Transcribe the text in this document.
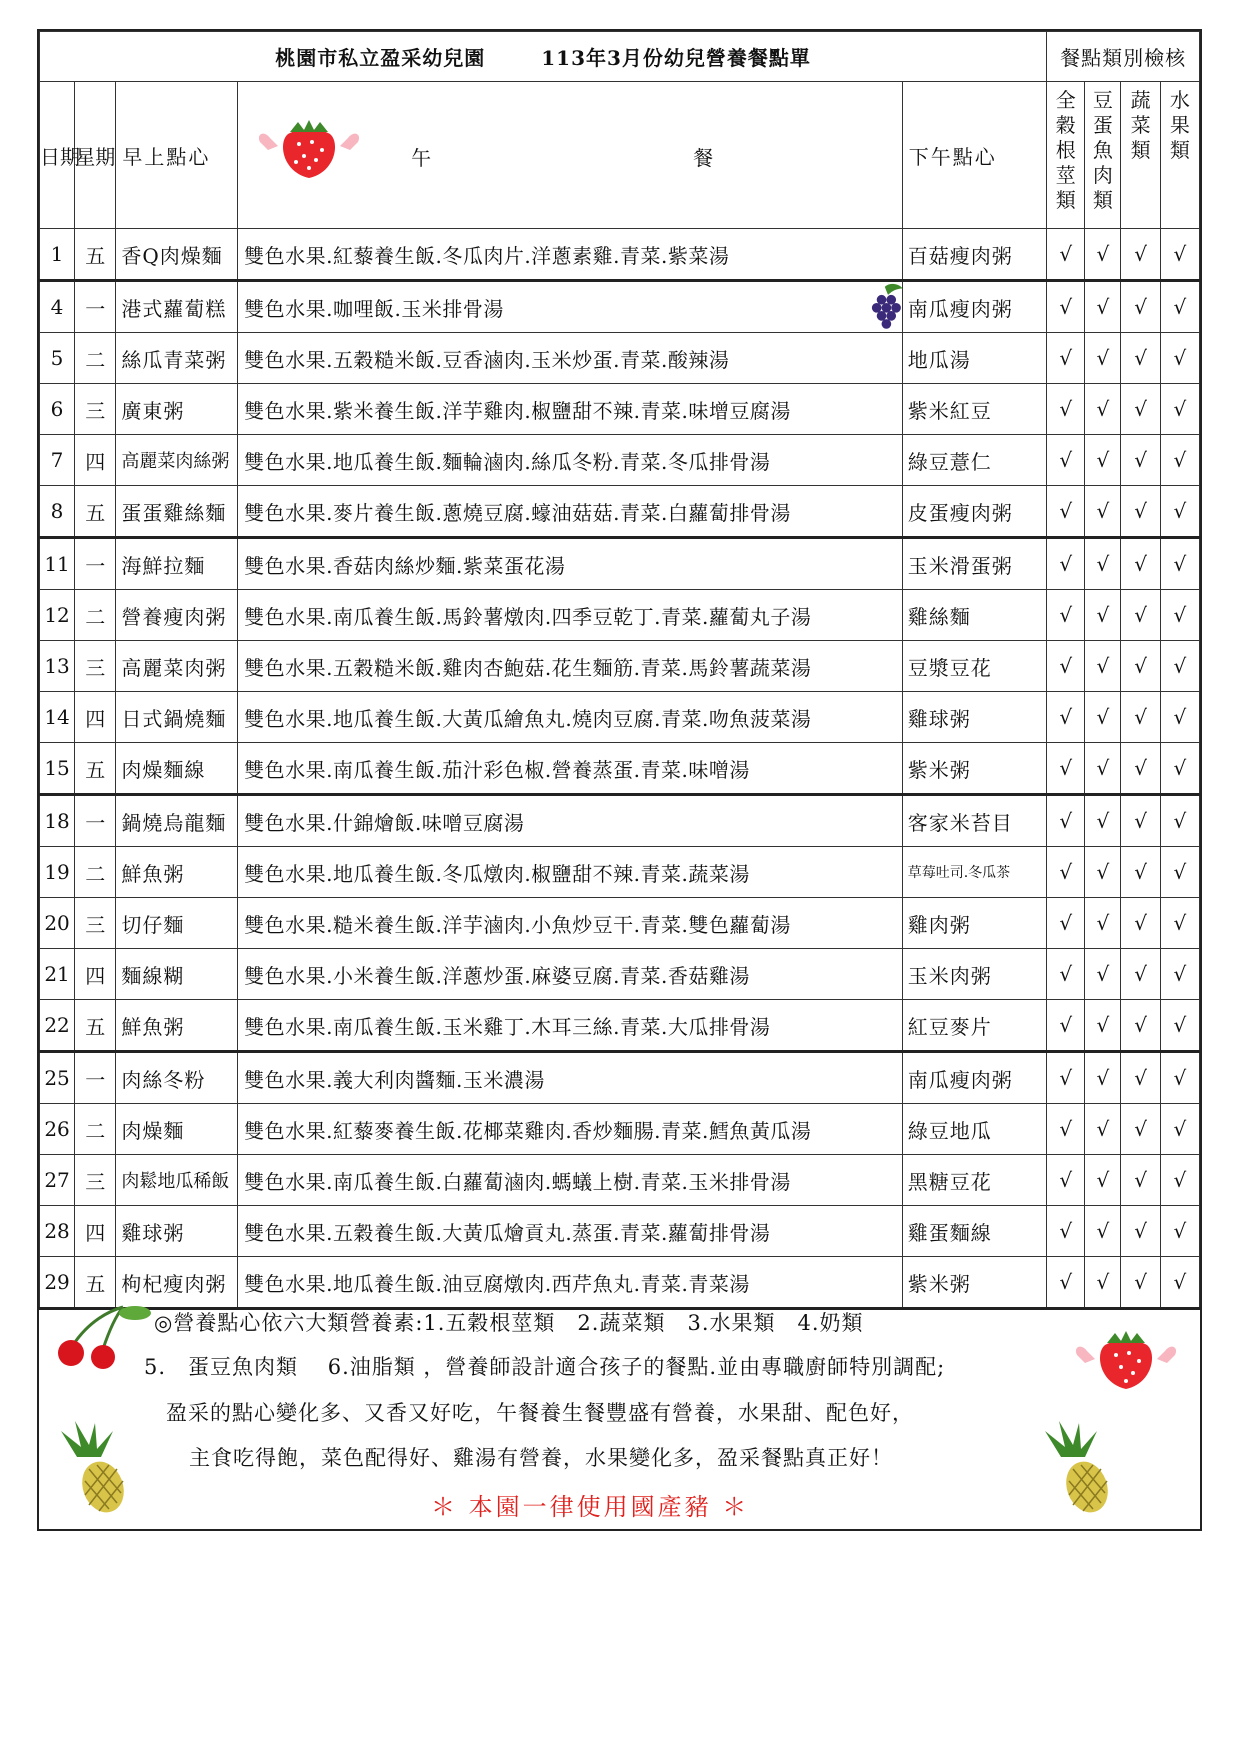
桃園市私立盈采幼兒園 113年3月份幼兒營養餐點單					餐點類別檢核			
日期	星期	早上點心	午 餐	下午點心	全
穀
根
莖
類	豆
蛋
魚
肉
類	蔬
菜
類	水
果
類

1	五	香Q肉燥麵	雙色水果.紅藜養生飯.冬瓜肉片.洋蔥素雞.青菜.紫菜湯	百菇瘦肉粥	√	√	√	√
4	一	港式蘿蔔糕	雙色水果.咖哩飯.玉米排骨湯	南瓜瘦肉粥	√	√	√	√
5	二	絲瓜青菜粥	雙色水果.五穀糙米飯.豆香滷肉.玉米炒蛋.青菜.酸辣湯	地瓜湯	√	√	√	√
6	三	廣東粥	雙色水果.紫米養生飯.洋芋雞肉.椒鹽甜不辣.青菜.味增豆腐湯	紫米紅豆	√	√	√	√
7	四	高麗菜肉絲粥	雙色水果.地瓜養生飯.麵輪滷肉.絲瓜冬粉.青菜.冬瓜排骨湯	綠豆薏仁	√	√	√	√
8	五	蛋蛋雞絲麵	雙色水果.麥片養生飯.蔥燒豆腐.蠔油菇菇.青菜.白蘿蔔排骨湯	皮蛋瘦肉粥	√	√	√	√
11	一	海鮮拉麵	雙色水果.香菇肉絲炒麵.紫菜蛋花湯	玉米滑蛋粥	√	√	√	√
12	二	營養瘦肉粥	雙色水果.南瓜養生飯.馬鈴薯燉肉.四季豆乾丁.青菜.蘿蔔丸子湯	雞絲麵	√	√	√	√
13	三	高麗菜肉粥	雙色水果.五穀糙米飯.雞肉杏鮑菇.花生麵筋.青菜.馬鈴薯蔬菜湯	豆漿豆花	√	√	√	√
14	四	日式鍋燒麵	雙色水果.地瓜養生飯.大黃瓜繪魚丸.燒肉豆腐.青菜.吻魚菠菜湯	雞球粥	√	√	√	√
15	五	肉燥麵線	雙色水果.南瓜養生飯.茄汁彩色椒.營養蒸蛋.青菜.味噌湯	紫米粥	√	√	√	√
18	一	鍋燒烏龍麵	雙色水果.什錦燴飯.味噌豆腐湯	客家米苔目	√	√	√	√
19	二	鮮魚粥	雙色水果.地瓜養生飯.冬瓜燉肉.椒鹽甜不辣.青菜.蔬菜湯	草莓吐司.冬瓜茶	√	√	√	√
20	三	切仔麵	雙色水果.糙米養生飯.洋芋滷肉.小魚炒豆干.青菜.雙色蘿蔔湯	雞肉粥	√	√	√	√
21	四	麵線糊	雙色水果.小米養生飯.洋蔥炒蛋.麻婆豆腐.青菜.香菇雞湯	玉米肉粥	√	√	√	√
22	五	鮮魚粥	雙色水果.南瓜養生飯.玉米雞丁.木耳三絲.青菜.大瓜排骨湯	紅豆麥片	√	√	√	√
25	一	肉絲冬粉	雙色水果.義大利肉醬麵.玉米濃湯	南瓜瘦肉粥	√	√	√	√
26	二	肉燥麵	雙色水果.紅藜麥養生飯.花椰菜雞肉.香炒麵腸.青菜.鱈魚黃瓜湯	綠豆地瓜	√	√	√	√
27	三	肉鬆地瓜稀飯	雙色水果.南瓜養生飯.白蘿蔔滷肉.螞蟻上樹.青菜.玉米排骨湯	黑糖豆花	√	√	√	√
28	四	雞球粥	雙色水果.五穀養生飯.大黃瓜燴貢丸.蒸蛋.青菜.蘿蔔排骨湯	雞蛋麵線	√	√	√	√
29	五	枸杞瘦肉粥	雙色水果.地瓜養生飯.油豆腐燉肉.西芹魚丸.青菜.青菜湯	紫米粥	√	√	√	√
◎營養點心依六大類營養素:1.五穀根莖類　2.蔬菜類　3.水果類　4.奶類
5.　蛋豆魚肉類　 6.油脂類 ，營養師設計適合孩子的餐點.並由專職廚師特別調配;
盈采的點心變化多、又香又好吃，午餐養生餐豐盛有營養，水果甜、配色好，
主食吃得飽，菜色配得好、雞湯有營養，水果變化多，盈采餐點真正好！
＊ 本園一律使用國產豬 ＊
